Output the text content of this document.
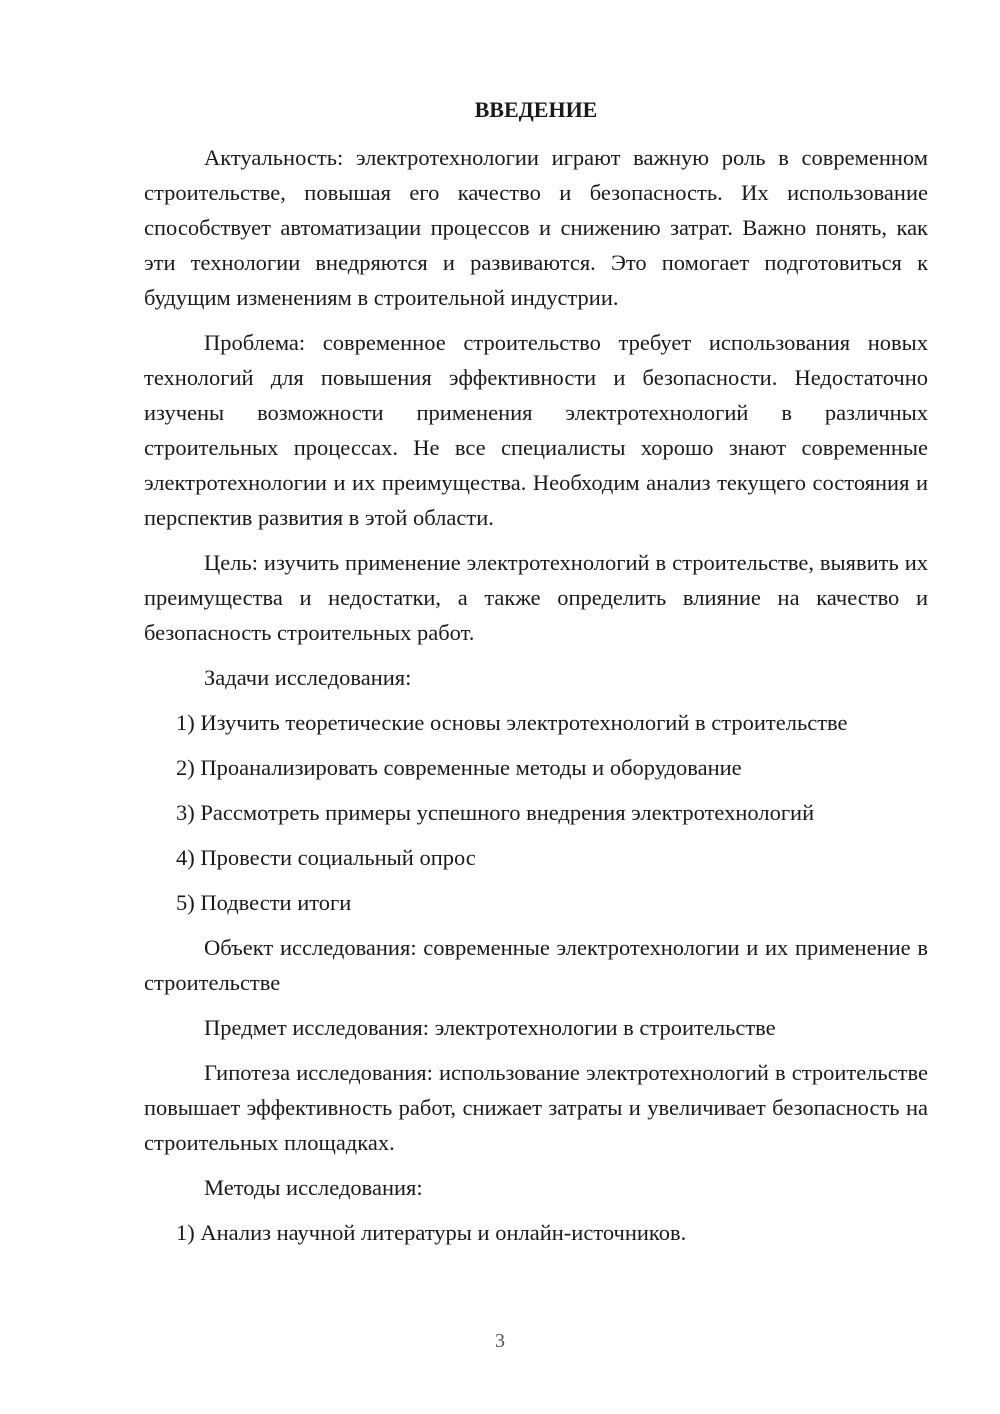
ВВЕДЕНИЕ

Актуальность: электротехнологии играют важную роль в современном строительстве, повышая его качество и безопасность. Их использование способствует автоматизации процессов и снижению затрат. Важно понять, как эти технологии внедряются и развиваются. Это помогает подготовиться к будущим изменениям в строительной индустрии.

Проблема: современное строительство требует использования новых технологий для повышения эффективности и безопасности. Недостаточно изучены возможности применения электротехнологий в различных строительных процессах. Не все специалисты хорошо знают современные электротехнологии и их преимущества. Необходим анализ текущего состояния и перспектив развития в этой области.

Цель: изучить применение электротехнологий в строительстве, выявить их преимущества и недостатки, а также определить влияние на качество и безопасность строительных работ.

Задачи исследования:

1) Изучить теоретические основы электротехнологий в строительстве

2) Проанализировать современные методы и оборудование

3) Рассмотреть примеры успешного внедрения электротехнологий

4) Провести социальный опрос

5) Подвести итоги

Объект исследования: современные электротехнологии и их применение в строительстве

Предмет исследования: электротехнологии в строительстве

Гипотеза исследования: использование электротехнологий в строительстве повышает эффективность работ, снижает затраты и увеличивает безопасность на строительных площадках.

Методы исследования:

1) Анализ научной литературы и онлайн-источников.

3
